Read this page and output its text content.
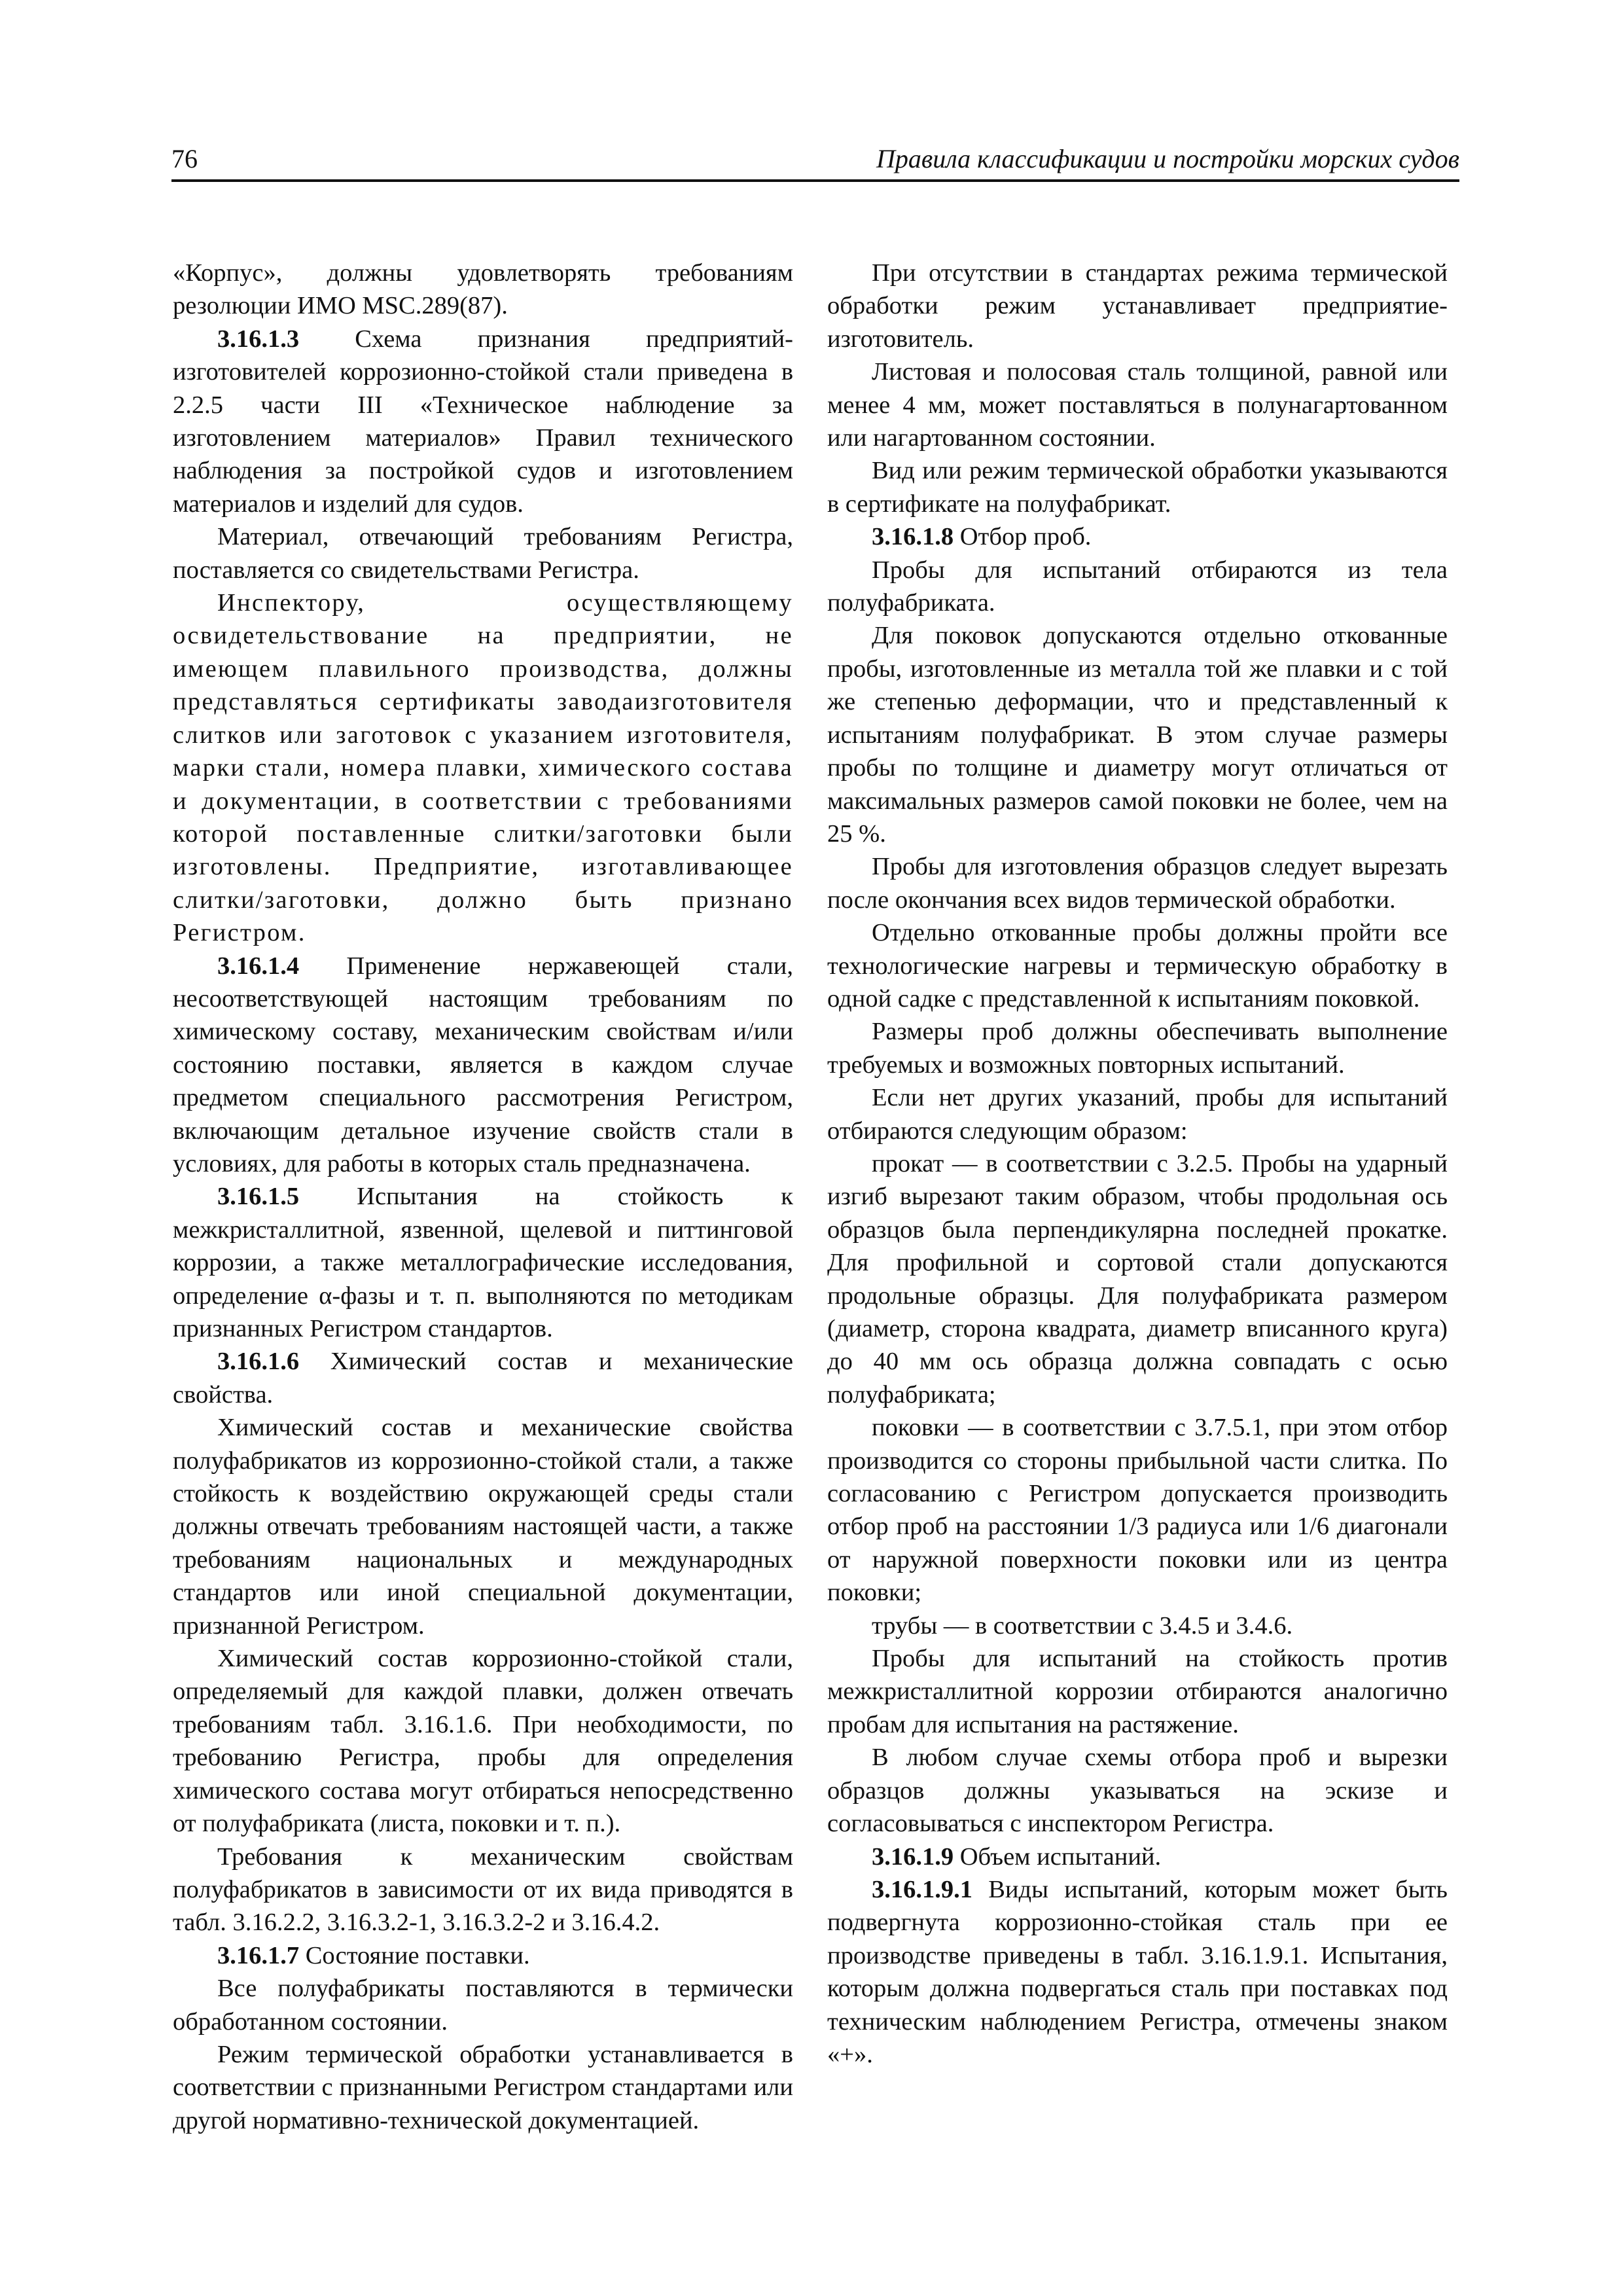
76	Правила классификации и постройки морских судов

«Корпус», должны удовлетворять требованиям резолюции ИМО MSC.289(87).

3.16.1.3 Схема признания предприятий-изготовителей коррозионно-стойкой стали приведена в 2.2.5 части III «Техническое наблюдение за изготовлением материалов» Правил технического наблюдения за постройкой судов и изготовлением материалов и изделий для судов.

Материал, отвечающий требованиям Регистра, поставляется со свидетельствами Регистра.

Инспектору, осуществляющему освидетельствование на предприятии, не имеющем плавильного производства, должны представляться сертификаты заводаизготовителя слитков или заготовок с указанием изготовителя, марки стали, номера плавки, химического состава и документации, в соответствии с требованиями которой поставленные слитки/заготовки были изготовлены. Предприятие, изготавливающее слитки/заготовки, должно быть признано Регистром.

3.16.1.4 Применение нержавеющей стали, несоответствующей настоящим требованиям по химическому составу, механическим свойствам и/или состоянию поставки, является в каждом случае предметом специального рассмотрения Регистром, включающим детальное изучение свойств стали в условиях, для работы в которых сталь предназначена.

3.16.1.5 Испытания на стойкость к межкристаллитной, язвенной, щелевой и питтинговой коррозии, а также металлографические исследования, определение α-фазы и т. п. выполняются по методикам признанных Регистром стандартов.

3.16.1.6 Химический состав и механические свойства.

Химический состав и механические свойства полуфабрикатов из коррозионно-стойкой стали, а также стойкость к воздействию окружающей среды стали должны отвечать требованиям настоящей части, а также требованиям национальных и международных стандартов или иной специальной документации, признанной Регистром.

Химический состав коррозионно-стойкой стали, определяемый для каждой плавки, должен отвечать требованиям табл. 3.16.1.6. При необходимости, по требованию Регистра, пробы для определения химического состава могут отбираться непосредственно от полуфабриката (листа, поковки и т. п.).

Требования к механическим свойствам полуфабрикатов в зависимости от их вида приводятся в табл. 3.16.2.2, 3.16.3.2-1, 3.16.3.2-2 и 3.16.4.2.

3.16.1.7 Состояние поставки.

Все полуфабрикаты поставляются в термически обработанном состоянии.

Режим термической обработки устанавливается в соответствии с признанными Регистром стандартами или другой нормативно-технической документацией.

При отсутствии в стандартах режима термической обработки режим устанавливает предприятие-изготовитель.

Листовая и полосовая сталь толщиной, равной или менее 4 мм, может поставляться в полунагартованном или нагартованном состоянии.

Вид или режим термической обработки указываются в сертификате на полуфабрикат.

3.16.1.8 Отбор проб.

Пробы для испытаний отбираются из тела полуфабриката.

Для поковок допускаются отдельно откованные пробы, изготовленные из металла той же плавки и с той же степенью деформации, что и представленный к испытаниям полуфабрикат. В этом случае размеры пробы по толщине и диаметру могут отличаться от максимальных размеров самой поковки не более, чем на 25 %.

Пробы для изготовления образцов следует вырезать после окончания всех видов термической обработки.

Отдельно откованные пробы должны пройти все технологические нагревы и термическую обработку в одной садке с представленной к испытаниям поковкой.

Размеры проб должны обеспечивать выполнение требуемых и возможных повторных испытаний.

Если нет других указаний, пробы для испытаний отбираются следующим образом:

прокат — в соответствии с 3.2.5. Пробы на ударный изгиб вырезают таким образом, чтобы продольная ось образцов была перпендикулярна последней прокатке. Для профильной и сортовой стали допускаются продольные образцы. Для полуфабриката размером (диаметр, сторона квадрата, диаметр вписанного круга) до 40 мм ось образца должна совпадать с осью полуфабриката;

поковки — в соответствии с 3.7.5.1, при этом отбор производится со стороны прибыльной части слитка. По согласованию с Регистром допускается производить отбор проб на расстоянии 1/3 радиуса или 1/6 диагонали от наружной поверхности поковки или из центра поковки;

трубы — в соответствии с 3.4.5 и 3.4.6.

Пробы для испытаний на стойкость против межкристаллитной коррозии отбираются аналогично пробам для испытания на растяжение.

В любом случае схемы отбора проб и вырезки образцов должны указываться на эскизе и согласовываться с инспектором Регистра.

3.16.1.9 Объем испытаний.

3.16.1.9.1 Виды испытаний, которым может быть подвергнута коррозионно-стойкая сталь при ее производстве приведены в табл. 3.16.1.9.1. Испытания, которым должна подвергаться сталь при поставках под техническим наблюдением Регистра, отмечены знаком «+».
